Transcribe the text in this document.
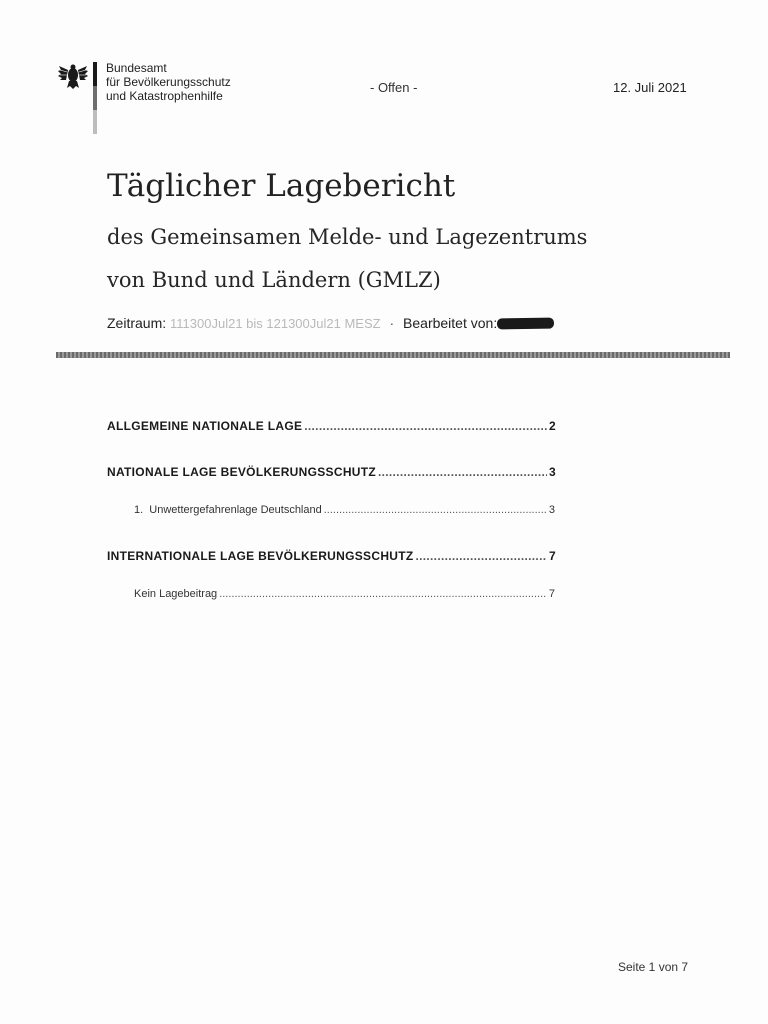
Bundesamt
für Bevölkerungsschutz
und Katastrophenhilfe
- Offen -	12. Juli 2021
Täglicher Lagebericht
des Gemeinsamen Melde- und Lagezentrums
von Bund und Ländern (GMLZ)
Zeitraum: 111300Jul21 bis 121300Jul21 MESZ · Bearbeitet von:
ALLGEMEINE NATIONALE LAGE .....	2
NATIONALE LAGE BEVÖLKERUNGSSCHUTZ .....	3
1.  Unwettergefahrenlage Deutschland .....	3
INTERNATIONALE LAGE BEVÖLKERUNGSSCHUTZ .....	7
Kein Lagebeitrag .....	7
Seite 1 von 7
